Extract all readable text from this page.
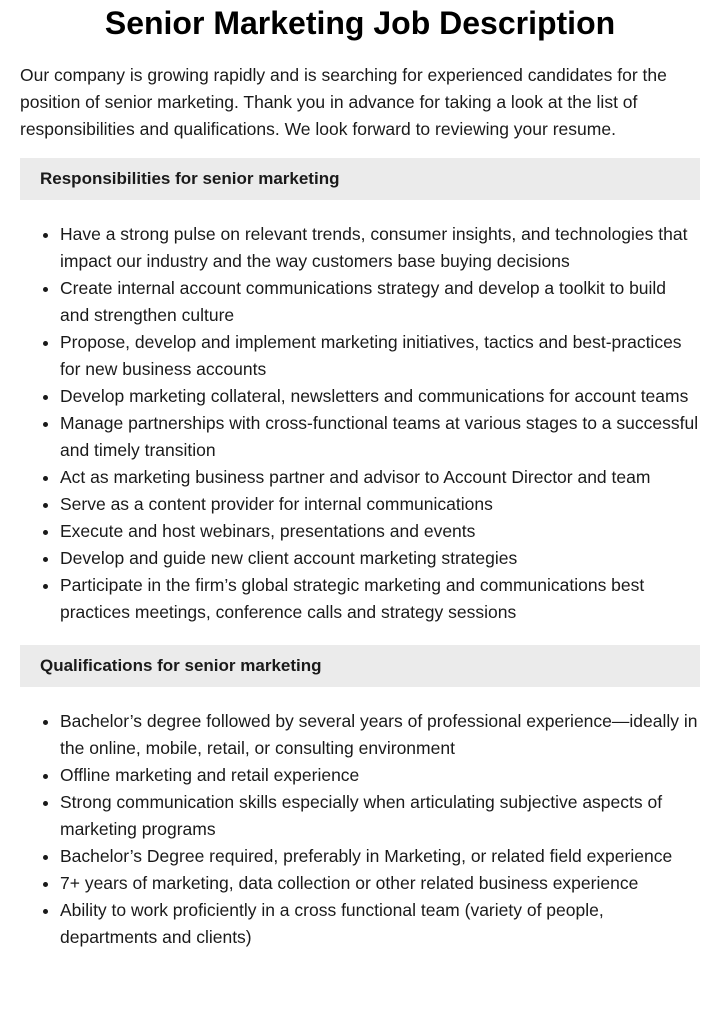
Senior Marketing Job Description

Our company is growing rapidly and is searching for experienced candidates for the position of senior marketing. Thank you in advance for taking a look at the list of responsibilities and qualifications. We look forward to reviewing your resume.

Responsibilities for senior marketing
• Have a strong pulse on relevant trends, consumer insights, and technologies that impact our industry and the way customers base buying decisions
• Create internal account communications strategy and develop a toolkit to build and strengthen culture
• Propose, develop and implement marketing initiatives, tactics and best-practices for new business accounts
• Develop marketing collateral, newsletters and communications for account teams
• Manage partnerships with cross-functional teams at various stages to a successful and timely transition
• Act as marketing business partner and advisor to Account Director and team
• Serve as a content provider for internal communications
• Execute and host webinars, presentations and events
• Develop and guide new client account marketing strategies
• Participate in the firm’s global strategic marketing and communications best practices meetings, conference calls and strategy sessions
Qualifications for senior marketing
• Bachelor’s degree followed by several years of professional experience—ideally in the online, mobile, retail, or consulting environment
• Offline marketing and retail experience
• Strong communication skills especially when articulating subjective aspects of marketing programs
• Bachelor’s Degree required, preferably in Marketing, or related field experience
• 7+ years of marketing, data collection or other related business experience
• Ability to work proficiently in a cross functional team (variety of people, departments and clients)
